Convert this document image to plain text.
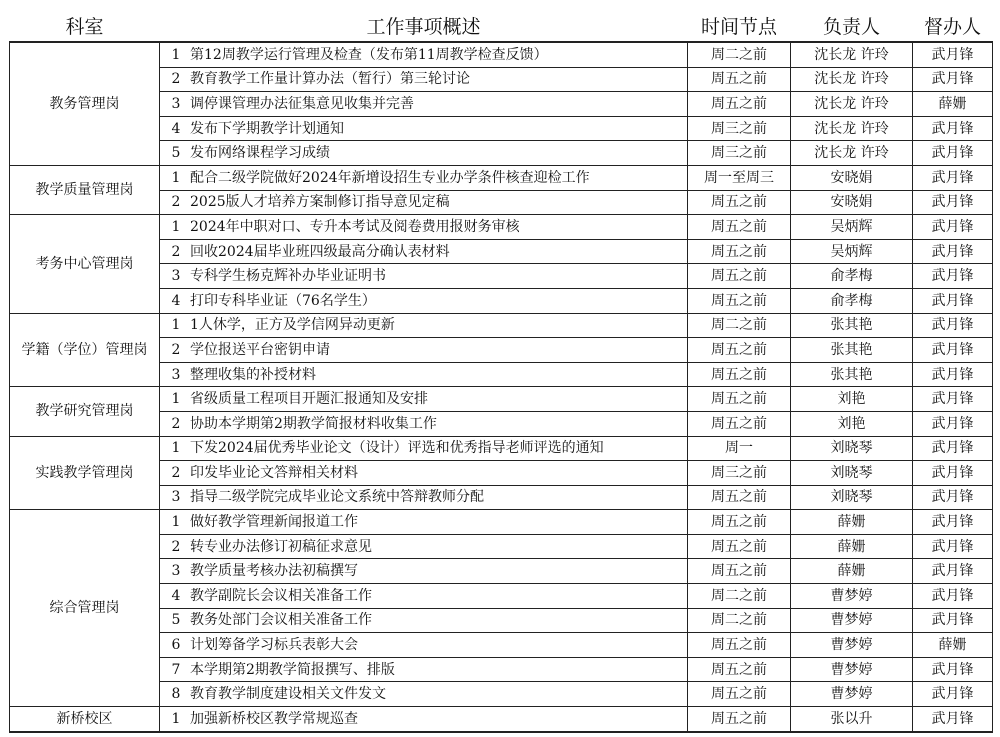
科室	工作事项概述	时间节点	负责人	督办人
教务管理岗	1 第12周教学运行管理及检查（发布第11周教学检查反馈）	周二之前	沈长龙 许玲	武月锋
	2 教育教学工作量计算办法（暂行）第三轮讨论	周五之前	沈长龙 许玲	武月锋
	3 调停课管理办法征集意见收集并完善	周五之前	沈长龙 许玲	薛姗
	4 发布下学期教学计划通知	周三之前	沈长龙 许玲	武月锋
	5 发布网络课程学习成绩	周三之前	沈长龙 许玲	武月锋
教学质量管理岗	1 配合二级学院做好2024年新增设招生专业办学条件核查迎检工作	周一至周三	安晓娟	武月锋
	2 2025版人才培养方案制修订指导意见定稿	周五之前	安晓娟	武月锋
考务中心管理岗	1 2024年中职对口、专升本考试及阅卷费用报财务审核	周五之前	吴炳辉	武月锋
	2 回收2024届毕业班四级最高分确认表材料	周五之前	吴炳辉	武月锋
	3 专科学生杨克辉补办毕业证明书	周五之前	俞孝梅	武月锋
	4 打印专科毕业证（76名学生）	周五之前	俞孝梅	武月锋
学籍（学位）管理岗	1 1人休学，正方及学信网异动更新	周二之前	张其艳	武月锋
	2 学位报送平台密钥申请	周五之前	张其艳	武月锋
	3 整理收集的补授材料	周五之前	张其艳	武月锋
教学研究管理岗	1 省级质量工程项目开题汇报通知及安排	周五之前	刘艳	武月锋
	2 协助本学期第2期教学简报材料收集工作	周五之前	刘艳	武月锋
实践教学管理岗	1 下发2024届优秀毕业论文（设计）评选和优秀指导老师评选的通知	周一	刘晓琴	武月锋
	2 印发毕业论文答辩相关材料	周三之前	刘晓琴	武月锋
	3 指导二级学院完成毕业论文系统中答辩教师分配	周五之前	刘晓琴	武月锋
综合管理岗	1 做好教学管理新闻报道工作	周五之前	薛姗	武月锋
	2 转专业办法修订初稿征求意见	周五之前	薛姗	武月锋
	3 教学质量考核办法初稿撰写	周五之前	薛姗	武月锋
	4 教学副院长会议相关准备工作	周二之前	曹梦婷	武月锋
	5 教务处部门会议相关准备工作	周二之前	曹梦婷	武月锋
	6 计划筹备学习标兵表彰大会	周五之前	曹梦婷	薛姗
	7 本学期第2期教学简报撰写、排版	周五之前	曹梦婷	武月锋
	8 教育教学制度建设相关文件发文	周五之前	曹梦婷	武月锋
新桥校区	1 加强新桥校区教学常规巡查	周五之前	张以升	武月锋
